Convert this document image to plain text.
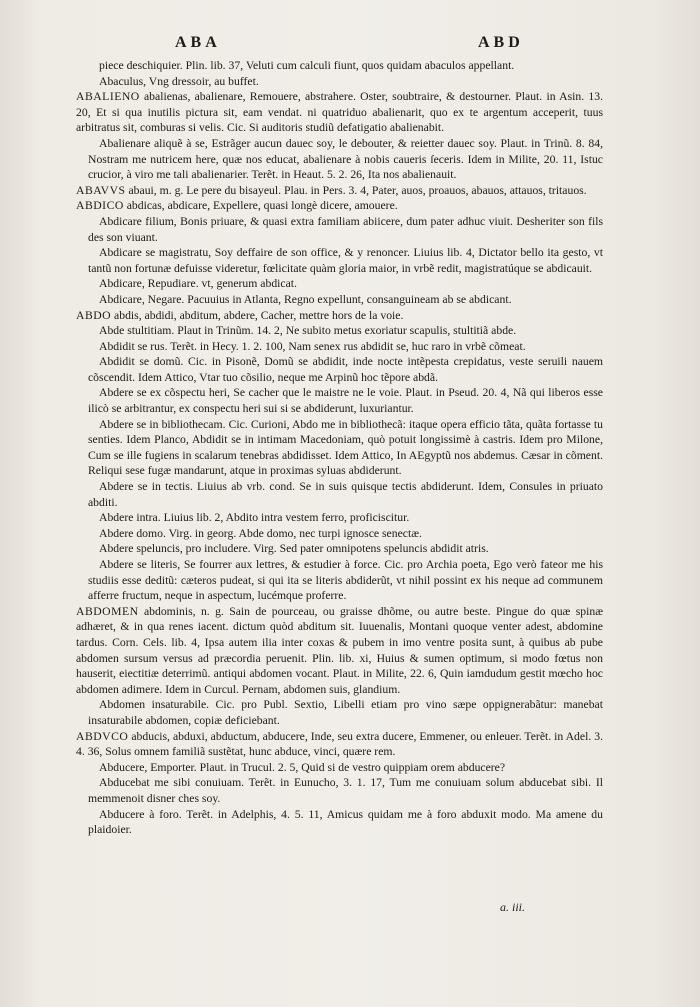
ABA	ABD

piece deschiquier. Plin. lib. 37, Veluti cum calculi fiunt, quos quidam abaculos appellant.

Abaculus, Vng dressoir, au buffet.

ABALIENO abalienas, abalienare, Remouere, abstrahere. Oster, soubtraire, & destourner. Plaut. in Asin. 13. 20, Et si qua inutilis pictura sit, eam vendat. ni quatriduo abalienarit, quo ex te argentum acceperit, tuus arbitratus sit, comburas si velis. Cic. Si auditoris studiũ defatigatio abalienabit.

Abalienare aliquẽ à se, Estrãger aucun dauec soy, le debouter, & reietter dauec soy. Plaut. in Trinũ. 8. 84, Nostram me nutricem here, quæ nos educat, abalienare à nobis caueris ſeceris. Idem in Milite, 20. 11, Istuc crucior, à viro me tali abalienarier. Terẽt. in Heaut. 5. 2. 26, Ita nos abalienauit.

ABAVVS abaui, m. g. Le pere du bisayeul. Plau. in Pers. 3. 4, Pater, auos, proauos, abauos, attauos, tritauos.

ABDICO abdicas, abdicare, Expellere, quasi longè dicere, amouere.

Abdicare filium, Bonis priuare, & quasi extra familiam abiicere, dum pater adhuc viuit. Desheriter son fils des son viuant.

Abdicare se magistratu, Soy deffaire de son office, & y renoncer. Liuius lib. 4, Dictator bello ita gesto, vt tantũ non fortunæ defuisse videretur, fœlicitate quàm gloria maior, in vrbẽ redit, magistratúque se abdicauit.

Abdicare, Repudiare. vt, generum abdicat.

Abdicare, Negare. Pacuuius in Atlanta, Regno expellunt, consanguineam ab se abdicant.

ABDO abdis, abdidi, abditum, abdere, Cacher, mettre hors de la voie.

Abde stultitiam. Plaut in Trinũm. 14. 2, Ne subito metus exoriatur scapulis, stultitiã abde.

Abdidit se rus. Terẽt. in Hecy. 1. 2. 100, Nam senex rus abdidit se, huc raro in vrbẽ cõmeat.

Abdidit se domũ. Cic. in Pisonẽ, Domũ se abdidit, inde nocte intẽpesta crepidatus, veste seruili nauem cõscendit. Idem Attico, Vtar tuo cõsilio, neque me Arpinũ hoc tẽpore abdã.

Abdere se ex cõspectu heri, Se cacher que le maistre ne le voie. Plaut. in Pseud. 20. 4, Nã qui liberos esse ilicò se arbitrantur, ex conspectu heri sui si se abdiderunt, luxuriantur.

Abdere se in bibliothecam. Cic. Curioni, Abdo me in bibliothecã: itaque opera efficio tãta, quãta fortasse tu senties. Idem Planco, Abdidit se in intimam Macedoniam, quò potuit longissimè à castris. Idem pro Milone, Cum se ille fugiens in scalarum tenebras abdidisset. Idem Attico, In AEgyptũ nos abdemus. Cæsar in cõment. Reliqui sese fugæ mandarunt, atque in proximas syluas abdiderunt.

Abdere se in tectis. Liuius ab vrb. cond. Se in suis quisque tectis abdiderunt. Idem, Consules in priuato abditi.

Abdere intra. Liuius lib. 2, Abdito intra vestem ferro, proficiscitur.

Abdere domo. Virg. in georg. Abde domo, nec turpi ignosce senectæ.

Abdere speluncis, pro includere. Virg. Sed pater omnipotens speluncis abdidit atris.

Abdere se literis, Se fourrer aux lettres, & estudier à force. Cic. pro Archia poeta, Ego verò fateor me his studiis esse deditũ: cæteros pudeat, si qui ita se literis abdiderũt, vt nihil possint ex his neque ad communem afferre fructum, neque in aspectum, lucémque proferre.

ABDOMEN abdominis, n. g. Sain de pourceau, ou graisse dhõme, ou autre beste. Pingue do quæ spinæ adhæret, & in qua renes iacent. dictum quòd abditum sit. Iuuenalis, Montani quoque venter adest, abdomine tardus. Corn. Cels. lib. 4, Ipsa autem ilia inter coxas & pubem in imo ventre posita sunt, à quibus ab pube abdomen sursum versus ad præcordia peruenit. Plin. lib. xi, Huius & sumen optimum, si modo fœtus non hauserit, eiectitiæ deterrimũ. antiqui abdomen vocant. Plaut. in Milite, 22. 6, Quin iamdudum gestit mœcho hoc abdomen adimere. Idem in Curcul. Pernam, abdomen suis, glandium.

Abdomen insaturabile. Cic. pro Publ. Sextio, Libelli etiam pro vino sæpe oppignerabãtur: manebat insaturabile abdomen, copiæ deficiebant.

ABDVCO abducis, abduxi, abductum, abducere, Inde, seu extra ducere, Emmener, ou enleuer. Terẽt. in Adel. 3. 4. 36, Solus omnem familiã sustẽtat, hunc abduce, vinci, quære rem.

Abducere, Emporter. Plaut. in Trucul. 2. 5, Quid si de vestro quippiam orem abducere?

Abducebat me sibi conuiuam. Terẽt. in Eunucho, 3. 1. 17, Tum me conuiuam solum abducebat sibi. Il memmenoit disner ches soy.

Abducere à foro. Terẽt. in Adelphis, 4. 5. 11, Amicus quidam me à foro abduxit modo. Ma amene du plaidoier.

a. iii.
